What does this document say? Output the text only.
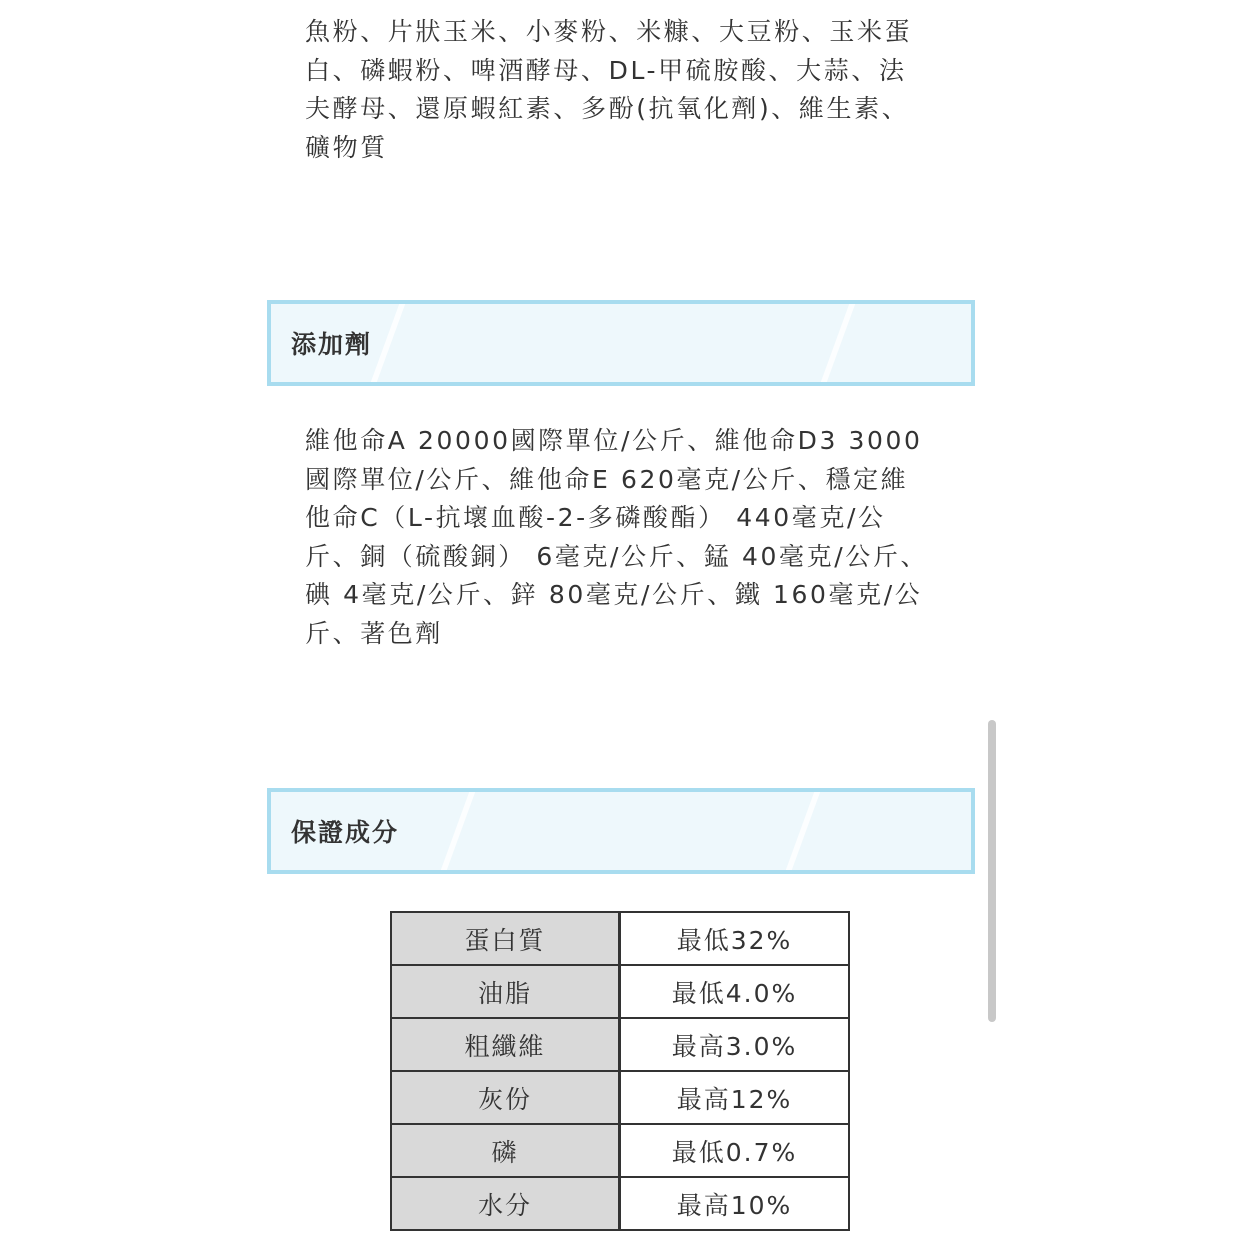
魚粉、片狀玉米、小麥粉、米糠、大豆粉、玉米蛋
白、磷蝦粉、啤酒酵母、DL-甲硫胺酸、大蒜、法
夫酵母、還原蝦紅素、多酚(抗氧化劑)、維生素、
礦物質
添加劑
維他命A 20000國際單位/公斤、維他命D3 3000
國際單位/公斤、維他命E 620毫克/公斤、穩定維
他命C（L-抗壞血酸-2-多磷酸酯） 440毫克/公
斤、銅（硫酸銅） 6毫克/公斤、錳 40毫克/公斤、
碘 4毫克/公斤、鋅 80毫克/公斤、鐵 160毫克/公
斤、著色劑
保證成分
蛋白質	最低32%
油脂	最低4.0%
粗纖維	最高3.0%
灰份	最高12%
磷	最低0.7%
水分	最高10%
